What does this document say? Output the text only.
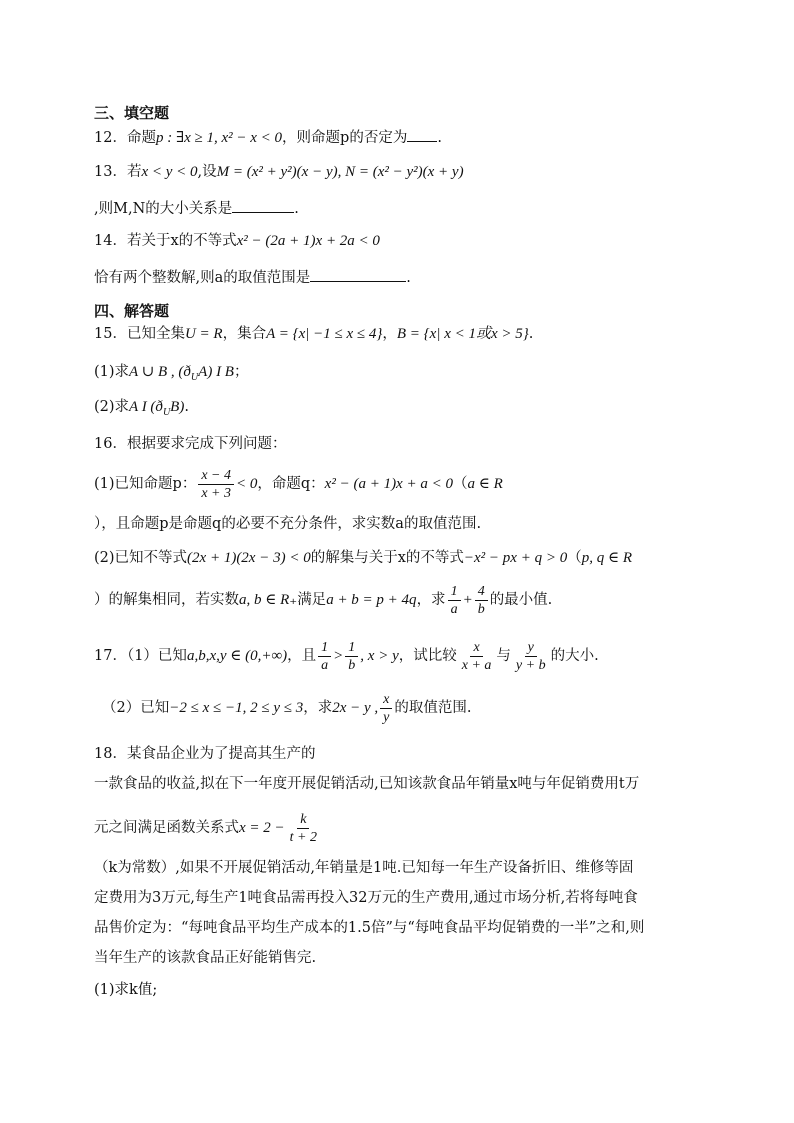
三、填空题
12．命题p : ∃x ≥ 1, x² − x < 0，则命题p的否定为 .
13．若x < y < 0,设M = (x² + y²)(x − y), N = (x² − y²)(x + y)
,则M,N的大小关系是	.
14．若关于x的不等式x² − (2a + 1)x + 2a < 0
恰有两个整数解,则a的取值范围是	.
四、解答题
15．已知全集U = R，集合A = {x| −1 ≤ x ≤ 4}，B = {x| x < 1或x > 5}.
(1)求A ∪ B , $(ð_UA)$ I B；
(2)求A I $(ð_UB)$.
16．根据要求完成下列问题：
(1)已知命题p： $\frac{x - 4}{x + 3} < 0$，命题q：x² − (a + 1)x + a < 0（a ∈ R
），且命题p是命题q的必要不充分条件，求实数a的取值范围.
(2)已知不等式(2x + 1)(2x − 3) < 0的解集与关于x的不等式−x² − px + q > 0（p, q ∈ R
）的解集相同，若实数a, b ∈ R₊满足a + b = p + 4q，求 $\frac{1}{a} + \frac{4}{b}$ 的最小值.
17．（1）已知a,b,x,y ∈ (0,+∞)，且 $\frac{1}{a} > \frac{1}{b}$ , x > y，试比较 $\frac{x}{x + a}$ 与 $\frac{y}{y + b}$ 的大小.
（2）已知−2 ≤ x ≤ −1, 2 ≤ y ≤ 3，求2x − y , $\frac{x}{y}$ 的取值范围.
18．某食品企业为了提高其生产的
一款食品的收益,拟在下一年度开展促销活动,已知该款食品年销量x吨与年促销费用t万
元之间满足函数关系式$x = 2 - \frac{k}{t + 2}$
（k为常数）,如果不开展促销活动,年销量是1吨.已知每一年生产设备折旧、维修等固
定费用为3万元,每生产1吨食品需再投入32万元的生产费用,通过市场分析,若将每吨食
品售价定为：“每吨食品平均生产成本的1.5倍”与“每吨食品平均促销费的一半”之和,则
当年生产的该款食品正好能销售完.
(1)求k值;
